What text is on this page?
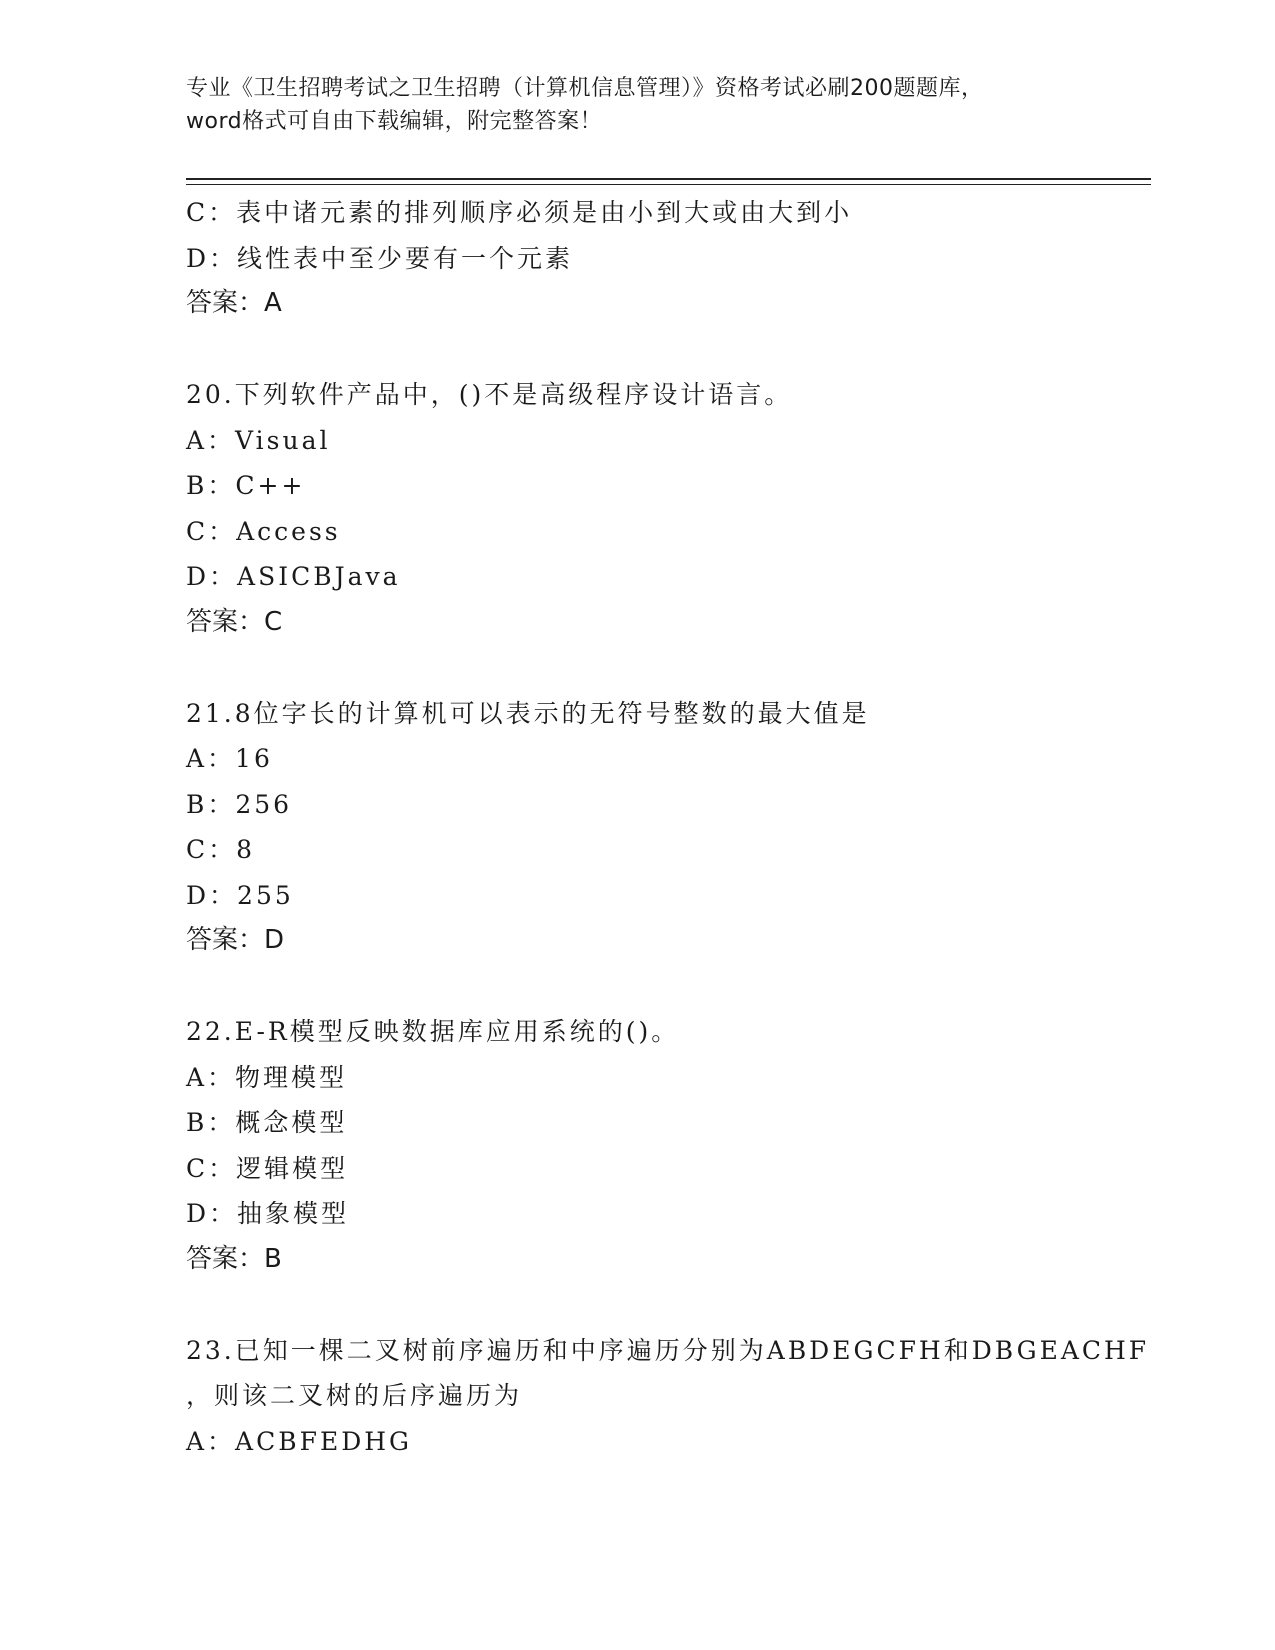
专业《卫生招聘考试之卫生招聘（计算机信息管理）》资格考试必刷200题题库，
word格式可自由下载编辑，附完整答案！
C：表中诸元素的排列顺序必须是由小到大或由大到小
D：线性表中至少要有一个元素
答案：A
20.下列软件产品中，()不是高级程序设计语言。
A：Visual
B：C++
C：Access
D：ASICBJava
答案：C
21.8位字长的计算机可以表示的无符号整数的最大值是
A：16
B：256
C：8
D：255
答案：D
22.E-R模型反映数据库应用系统的()。
A：物理模型
B：概念模型
C：逻辑模型
D：抽象模型
答案：B
23.已知一棵二叉树前序遍历和中序遍历分别为ABDEGCFH和DBGEACHF
，则该二叉树的后序遍历为
A：ACBFEDHG
